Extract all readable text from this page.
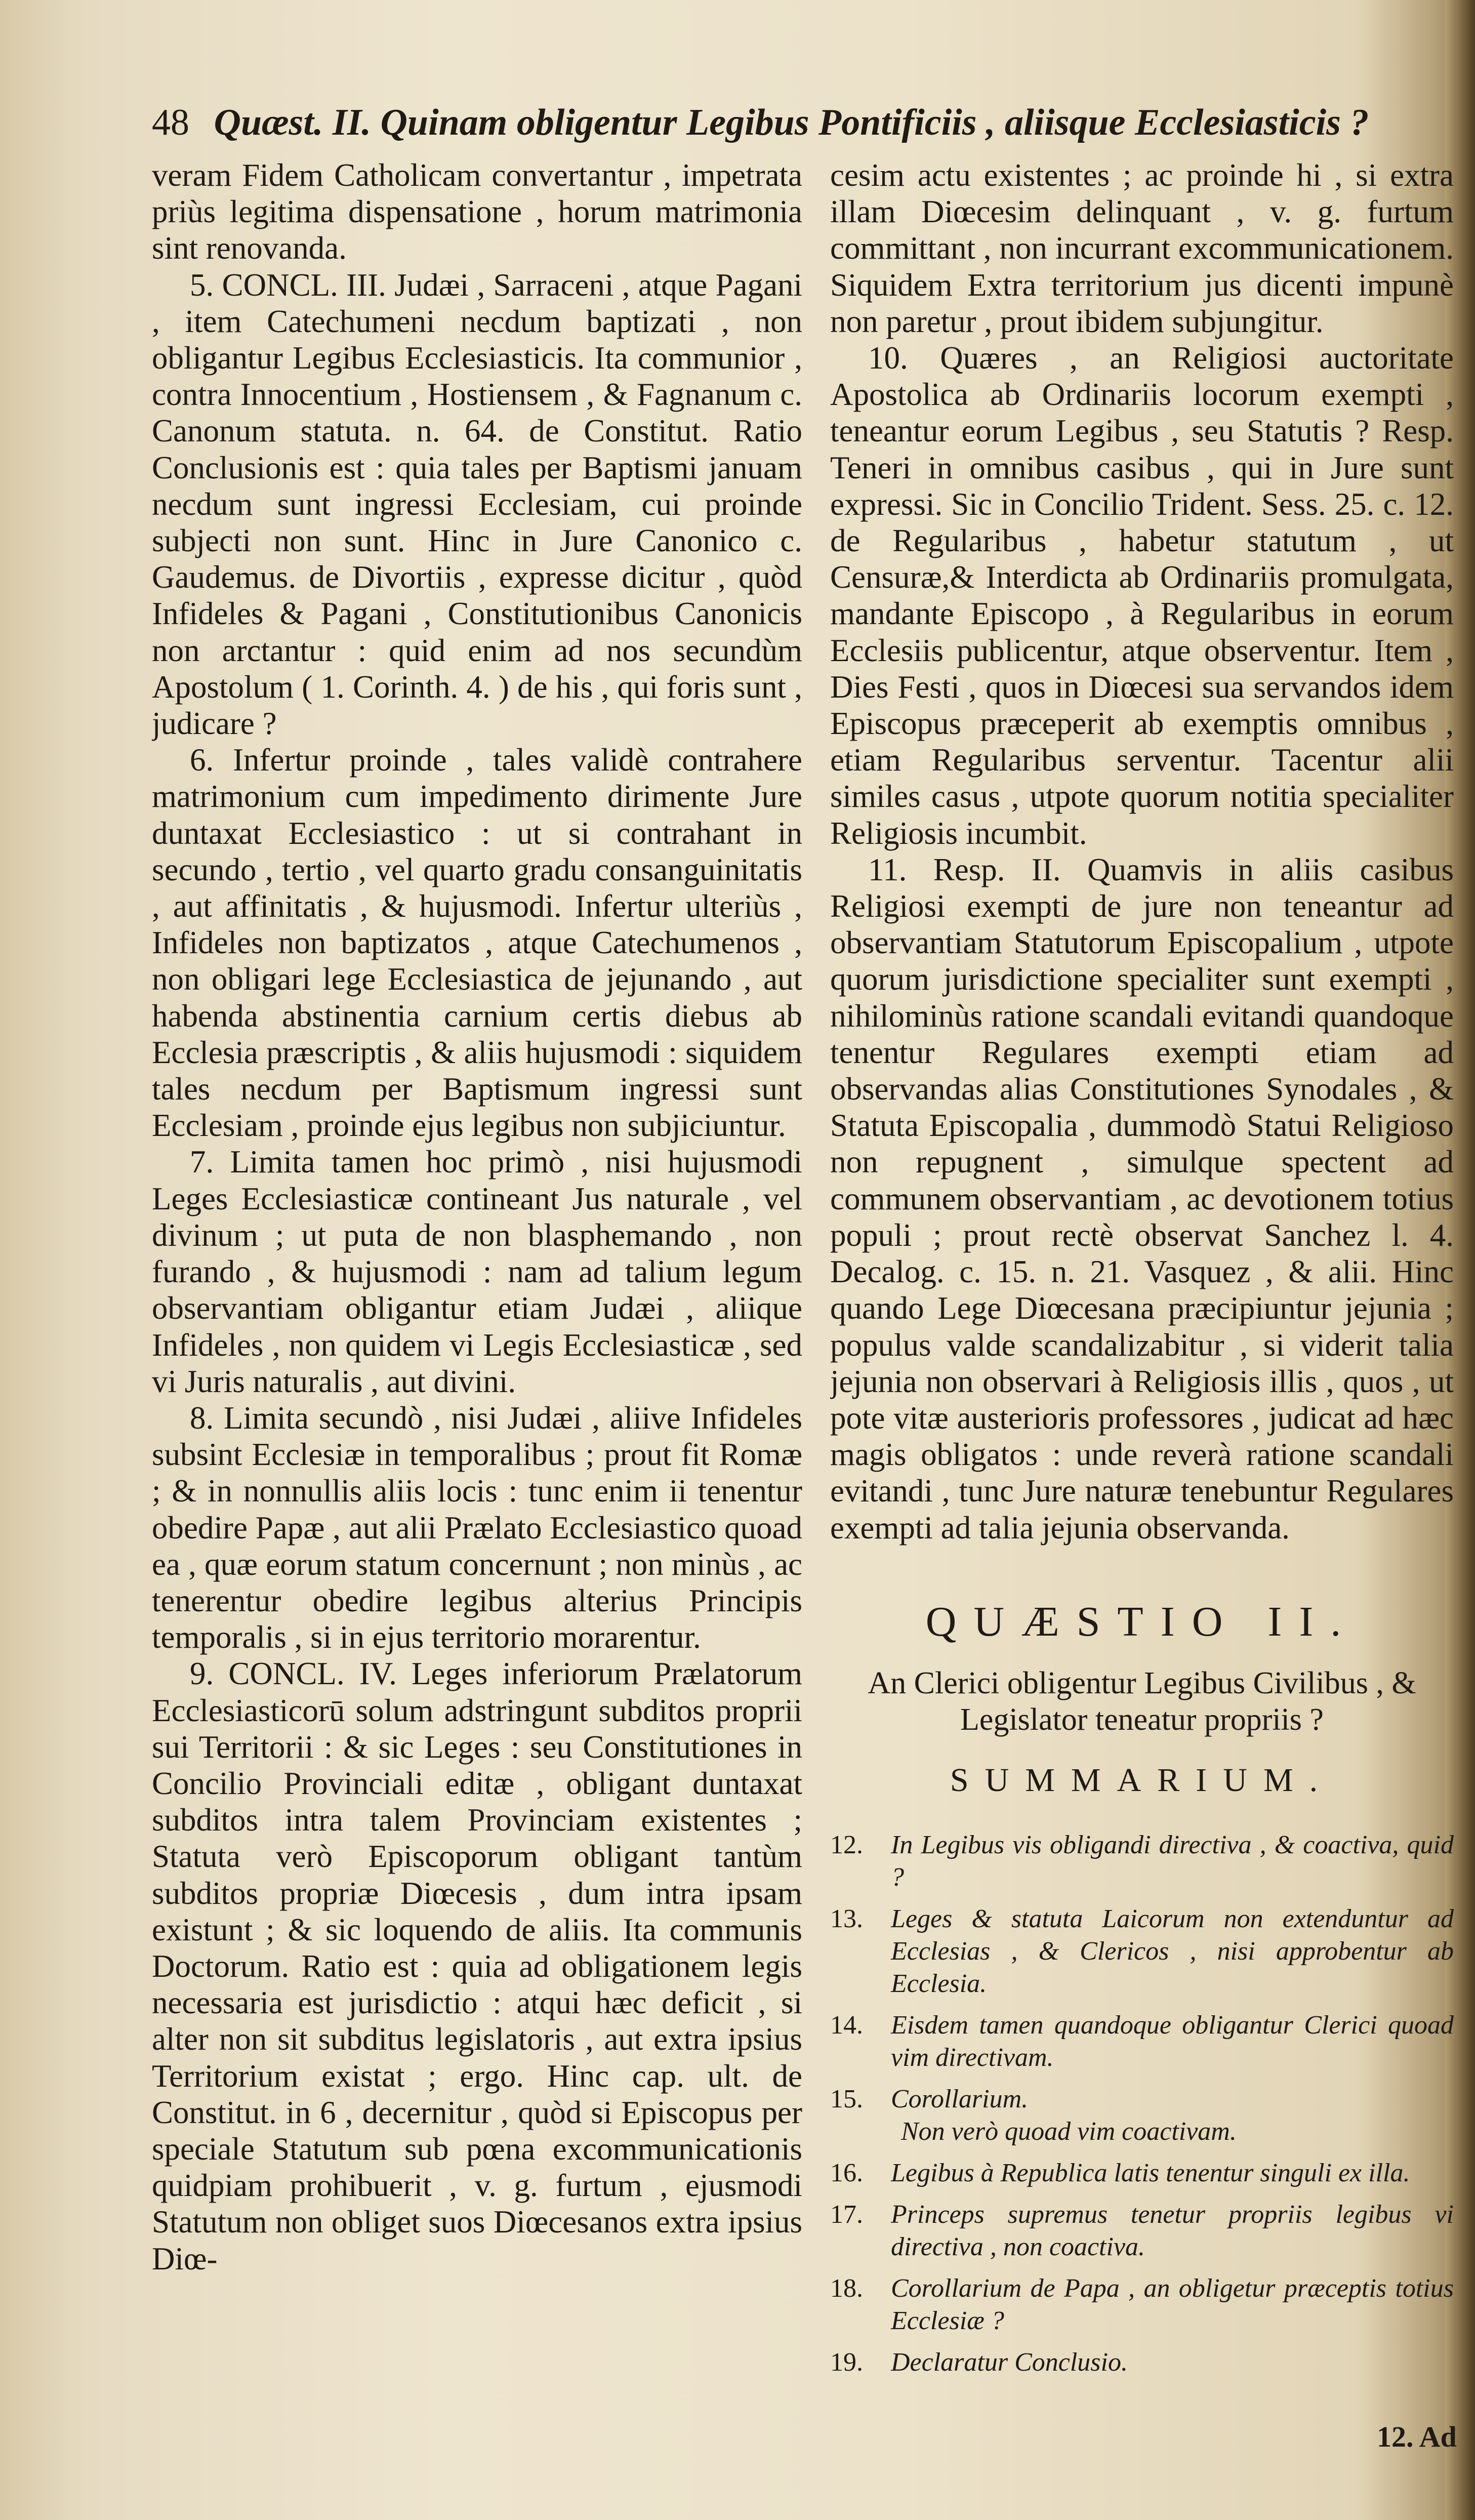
48 Quæst. II. Quinam obligentur Legibus Pontificiis , aliisque Ecclesiasticis ?

veram Fidem Catholicam convertantur , impetrata priùs legitima dispensatione , horum matrimonia sint renovanda.

5. CONCL. III. Judæi , Sarraceni , atque Pagani , item Catechumeni necdum baptizati , non obligantur Legibus Ecclesiasticis. Ita communior , contra Innocentium , Hostiensem , & Fagnanum c. Canonum statuta. n. 64. de Constitut. Ratio Conclusionis est : quia tales per Baptismi januam necdum sunt ingressi Ecclesiam, cui proinde subjecti non sunt. Hinc in Jure Canonico c. Gaudemus. de Divortiis , expresse dicitur , quòd Infideles & Pagani , Constitutionibus Canonicis non arctantur : quid enim ad nos secundùm Apostolum ( 1. Corinth. 4. ) de his , qui foris sunt , judicare ?

6. Infertur proinde , tales validè contrahere matrimonium cum impedimento dirimente Jure duntaxat Ecclesiastico : ut si contrahant in secundo , tertio , vel quarto gradu consanguinitatis , aut affinitatis , & hujusmodi. Infertur ulteriùs , Infideles non baptizatos , atque Catechumenos , non obligari lege Ecclesiastica de jejunando , aut habenda abstinentia carnium certis diebus ab Ecclesia præscriptis , & aliis hujusmodi : siquidem tales necdum per Baptismum ingressi sunt Ecclesiam , proinde ejus legibus non subjiciuntur.

7. Limita tamen hoc primò , nisi hujusmodi Leges Ecclesiasticæ contineant Jus naturale , vel divinum ; ut puta de non blasphemando , non furando , & hujusmodi : nam ad talium legum observantiam obligantur etiam Judæi , aliique Infideles , non quidem vi Legis Ecclesiasticæ , sed vi Juris naturalis , aut divini.

8. Limita secundò , nisi Judæi , aliive Infideles subsint Ecclesiæ in temporalibus ; prout fit Romæ ; & in nonnullis aliis locis : tunc enim ii tenentur obedire Papæ , aut alii Prælato Ecclesiastico quoad ea , quæ eorum statum concernunt ; non minùs , ac tenerentur obedire legibus alterius Principis temporalis , si in ejus territorio morarentur.

9. CONCL. IV. Leges inferiorum Prælatorum Ecclesiasticorū solum adstringunt subditos proprii sui Territorii : & sic Leges : seu Constitutiones in Concilio Provinciali editæ , obligant duntaxat subditos intra talem Provinciam existentes ; Statuta verò Episcoporum obligant tantùm subditos propriæ Diœcesis , dum intra ipsam existunt ; & sic loquendo de aliis. Ita communis Doctorum. Ratio est : quia ad obligationem legis necessaria est jurisdictio : atqui hæc deficit , si alter non sit subditus legislatoris , aut extra ipsius Territorium existat ; ergo. Hinc cap. ult. de Constitut. in 6 , decernitur , quòd si Episcopus per speciale Statutum sub pœna excommunicationis quidpiam prohibuerit , v. g. furtum , ejusmodi Statutum non obliget suos Diœcesanos extra ipsius Diœ-

cesim actu existentes ; ac proinde hi , si extra illam Diœcesim delinquant , v. g. furtum committant , non incurrant excommunicationem. Siquidem Extra territorium jus dicenti impunè non paretur , prout ibidem subjungitur.

10. Quæres , an Religiosi auctoritate Apostolica ab Ordinariis locorum exempti , teneantur eorum Legibus , seu Statutis ? Resp. Teneri in omnibus casibus , qui in Jure sunt expressi. Sic in Concilio Trident. Sess. 25. c. 12. de Regularibus , habetur statutum , ut Censuræ,& Interdicta ab Ordinariis promulgata, mandante Episcopo , à Regularibus in eorum Ecclesiis publicentur, atque observentur. Item , Dies Festi , quos in Diœcesi sua servandos idem Episcopus præceperit ab exemptis omnibus , etiam Regularibus serventur. Tacentur alii similes casus , utpote quorum notitia specialiter Religiosis incumbit.

11. Resp. II. Quamvis in aliis casibus Religiosi exempti de jure non teneantur ad observantiam Statutorum Episcopalium , utpote quorum jurisdictione specialiter sunt exempti , nihilominùs ratione scandali evitandi quandoque tenentur Regulares exempti etiam ad observandas alias Constitutiones Synodales , & Statuta Episcopalia , dummodò Statui Religioso non repugnent , simulque spectent ad communem observantiam , ac devotionem totius populi ; prout rectè observat Sanchez l. 4. Decalog. c. 15. n. 21. Vasquez , & alii. Hinc quando Lege Diœcesana præcipiuntur jejunia ; populus valde scandalizabitur , si viderit talia jejunia non observari à Religiosis illis , quos , ut pote vitæ austerioris professores , judicat ad hæc magis obligatos : unde reverà ratione scandali evitandi , tunc Jure naturæ tenebuntur Regulares exempti ad talia jejunia observanda.

QUÆSTIO II.
An Clerici obligentur Legibus Civilibus , & Legislator teneatur propriis ?
SUMMARIUM.
12.	In Legibus vis obligandi directiva , & coactiva, quid ?
13.	Leges & statuta Laicorum non extenduntur ad Ecclesias , & Clericos , nisi approbentur ab Ecclesia.
14.	Eisdem tamen quandoque obligantur Clerici quoad vim directivam.
15.	Corollarium.
Non verò quoad vim coactivam.
16.	Legibus à Republica latis tenentur singuli ex illa.
17.	Princeps supremus tenetur propriis legibus vi directiva , non coactiva.
18.	Corollarium de Papa , an obligetur præceptis totius Ecclesiæ ?
19.	Declaratur Conclusio.
12. Ad
